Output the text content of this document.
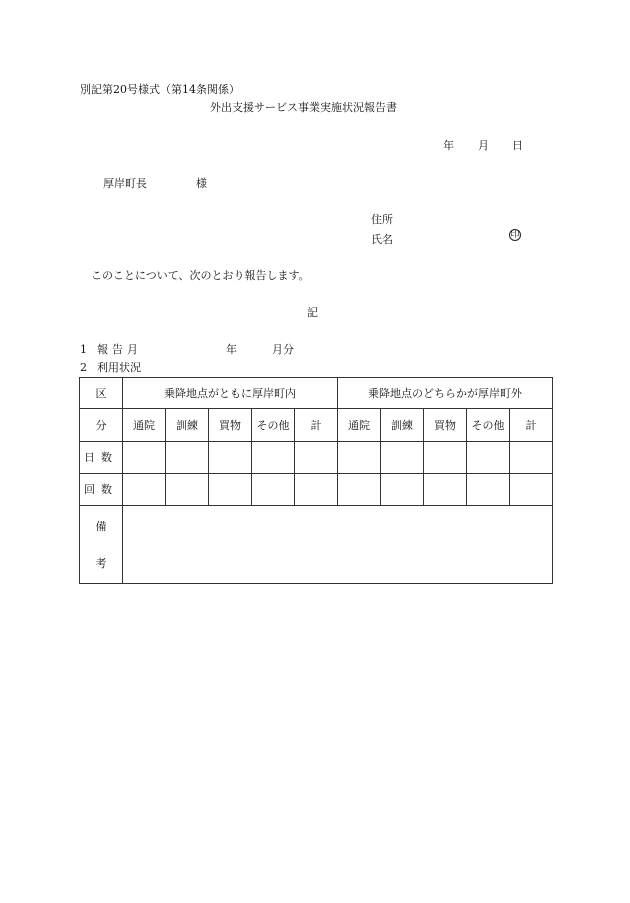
別記第20号様式（第14条関係）
外出支援サービス事業実施状況報告書
年 月 日
厚岸町長	様
住所
氏名	印
このことについて、次のとおり報告します。
記
1 報告月	年	月分
2 利用状況
区	乗降地点がともに厚岸町内					乗降地点のどちらかが厚岸町外				
分	通院	訓練	買物	その他	計	通院	訓練	買物	その他	計
日数										
回数										

備
考										
